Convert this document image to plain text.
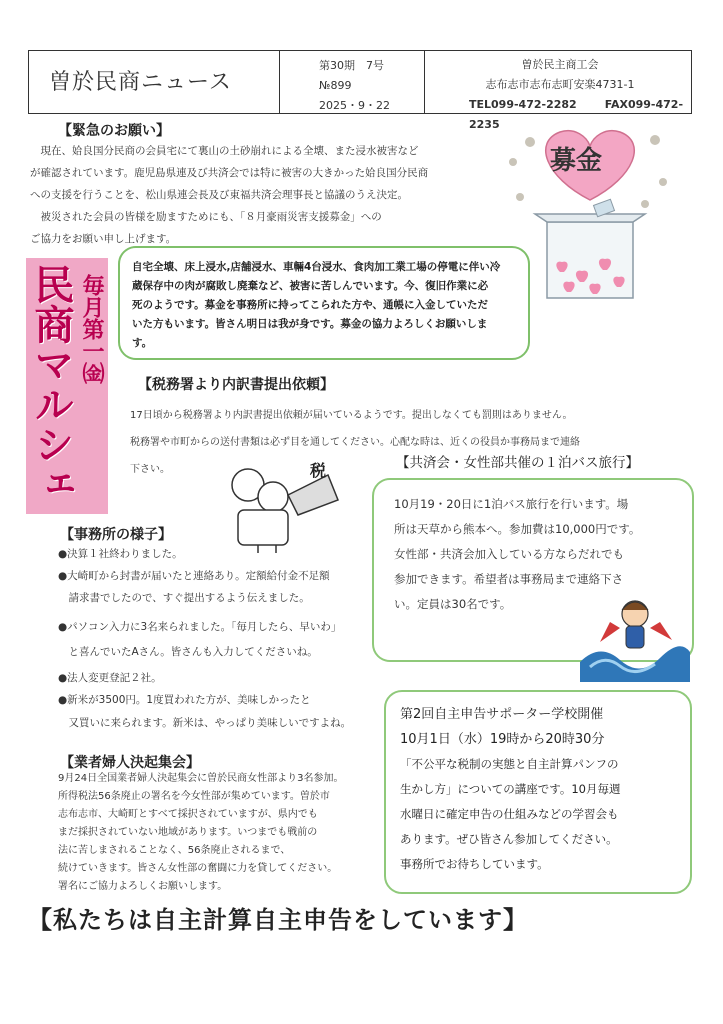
曽於民商ニュース
第30期　7号
№899
2025・9・22
曽於民主商工会
志布志市志布志町安楽4731-1
TEL099-472-2282	FAX099-472-2235
【緊急のお願い】
　現在、姶良国分民商の会員宅にて裏山の土砂崩れによる全壊、また浸水被害など
が確認されています。鹿児島県連及び共済会では特に被害の大きかった姶良国分民商
への支援を行うことを、松山県連会長及び東福共済会理事長と協議のうえ決定。
　被災された会員の皆様を励ますためにも、「８月豪雨災害支援募金」への
ご協力をお願い申し上げます。
募金
民商マルシェ 毎月第一㈮
自宅全壊、床上浸水,店舗浸水、車輛4台浸水、食肉加工業工場の停電に伴い冷
蔵保存中の肉が腐敗し廃棄など、被害に苦しんでいます。今、復旧作業に必
死のようです。募金を事務所に持ってこられた方や、通帳に入金していただ
いた方もいます。皆さん明日は我が身です。募金の協力よろしくお願いしま
す。
【税務署より内訳書提出依頼】
17日頃から税務署より内訳書提出依頼が届いているようです。提出しなくても罰則はありません。
税務署や市町からの送付書類は必ず目を通してください。心配な時は、近くの役員か事務局まで連絡
下さい。	税	【共済会・女性部共催の１泊バス旅行】
10月19・20日に1泊バス旅行を行います。場
所は天草から熊本へ。参加費は10,000円です。
女性部・共済会加入している方ならだれでも
参加できます。希望者は事務局まで連絡下さ
い。定員は30名です。
【事務所の様子】
●決算１社終わりました。
●大崎町から封書が届いたと連絡あり。定額給付金不足額
　請求書でしたので、すぐ提出するよう伝えました。
●パソコン入力に3名来られました。「毎月したら、早いわ」
　と喜んでいたAさん。皆さんも入力してくださいね。
●法人変更登記２社。
●新米が3500円。1度買われた方が、美味しかったと
　又買いに来られます。新米は、やっぱり美味しいですよね。
第2回自主申告サポーター学校開催
10月1日（水）19時から20時30分
「不公平な税制の実態と自主計算パンフの
生かし方」についての講座です。10月毎週
水曜日に確定申告の仕組みなどの学習会も
あります。ぜひ皆さん参加してください。
事務所でお待ちしています。
【業者婦人決起集会】
9月24日全国業者婦人決起集会に曽於民商女性部より3名参加。
所得税法56条廃止の署名を今女性部が集めています。曽於市
志布志市、大崎町とすべて採択されていますが、県内でも
まだ採択されていない地域があります。いつまでも戦前の
法に苦しまされることなく、56条廃止されるまで、
続けていきます。皆さん女性部の奮闘に力を貸してください。
署名にご協力よろしくお願いします。
【私たちは自主計算自主申告をしています】
